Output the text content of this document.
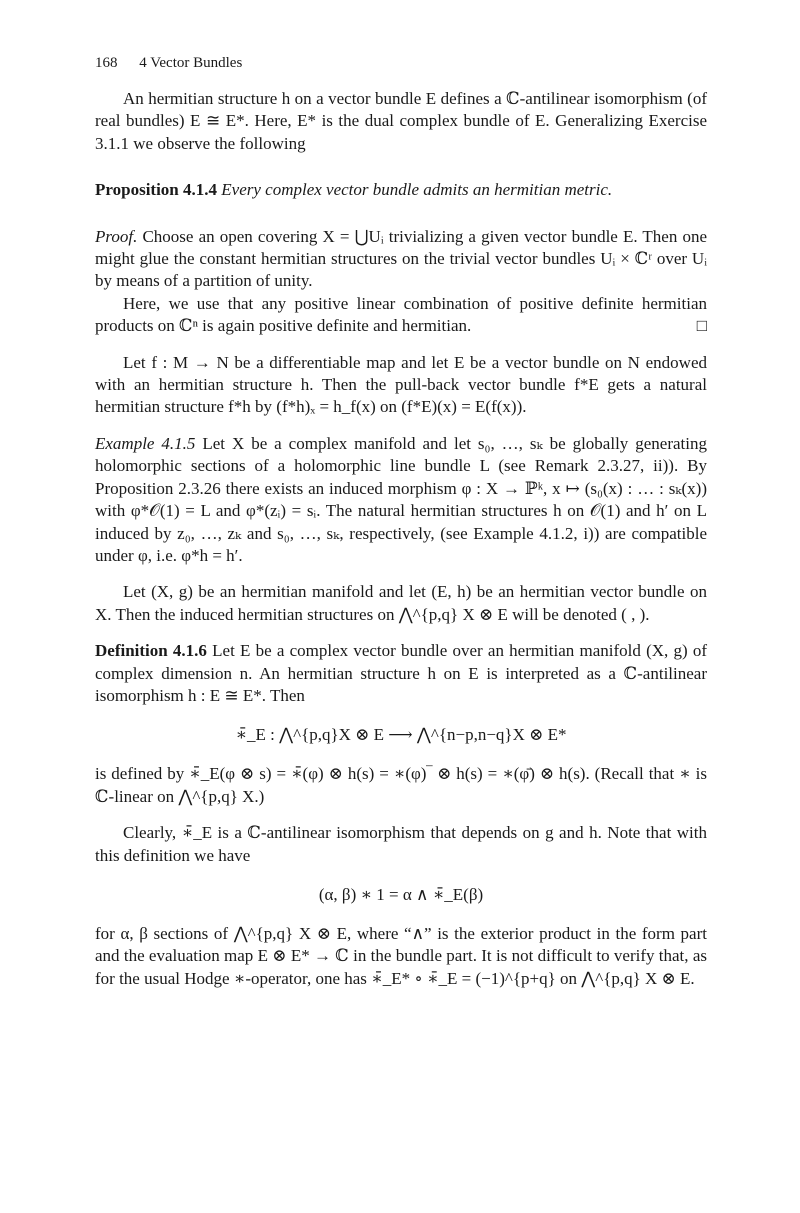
168 4 Vector Bundles

An hermitian structure h on a vector bundle E defines a ℂ-antilinear isomorphism (of real bundles) E ≅ E*. Here, E* is the dual complex bundle of E. Generalizing Exercise 3.1.1 we observe the following

Proposition 4.1.4 Every complex vector bundle admits an hermitian metric.

Proof. Choose an open covering X = ⋃Uᵢ trivializing a given vector bundle E. Then one might glue the constant hermitian structures on the trivial vector bundles Uᵢ × ℂʳ over Uᵢ by means of a partition of unity.

Here, we use that any positive linear combination of positive definite hermitian products on ℂⁿ is again positive definite and hermitian.	□

Let f : M → N be a differentiable map and let E be a vector bundle on N endowed with an hermitian structure h. Then the pull-back vector bundle f*E gets a natural hermitian structure f*h by (f*h)ₓ = h_f(x) on (f*E)(x) = E(f(x)).

Example 4.1.5 Let X be a complex manifold and let s₀, …, sₖ be globally generating holomorphic sections of a holomorphic line bundle L (see Remark 2.3.27, ii)). By Proposition 2.3.26 there exists an induced morphism φ : X → ℙᵏ, x ↦ (s₀(x) : … : sₖ(x)) with φ*𝒪(1) = L and φ*(zᵢ) = sᵢ. The natural hermitian structures h on 𝒪(1) and h′ on L induced by z₀, …, zₖ and s₀, …, sₖ, respectively, (see Example 4.1.2, i)) are compatible under φ, i.e. φ*h = h′.

Let (X, g) be an hermitian manifold and let (E, h) be an hermitian vector bundle on X. Then the induced hermitian structures on ⋀^{p,q} X ⊗ E will be denoted ( , ).

Definition 4.1.6 Let E be a complex vector bundle over an hermitian manifold (X, g) of complex dimension n. An hermitian structure h on E is interpreted as a ℂ-antilinear isomorphism h : E ≅ E*. Then

∗̄_E : ⋀^{p,q}X ⊗ E ⟶ ⋀^{n−p,n−q}X ⊗ E*

is defined by ∗̄_E(φ ⊗ s) = ∗̄(φ) ⊗ h(s) = ∗(φ)‾ ⊗ h(s) = ∗(φ̄) ⊗ h(s). (Recall that ∗ is ℂ-linear on ⋀^{p,q} X.)

Clearly, ∗̄_E is a ℂ-antilinear isomorphism that depends on g and h. Note that with this definition we have

(α, β) ∗ 1 = α ∧ ∗̄_E(β)

for α, β sections of ⋀^{p,q} X ⊗ E, where “∧” is the exterior product in the form part and the evaluation map E ⊗ E* → ℂ in the bundle part. It is not difficult to verify that, as for the usual Hodge ∗-operator, one has ∗̄_E* ∘ ∗̄_E = (−1)^{p+q} on ⋀^{p,q} X ⊗ E.
